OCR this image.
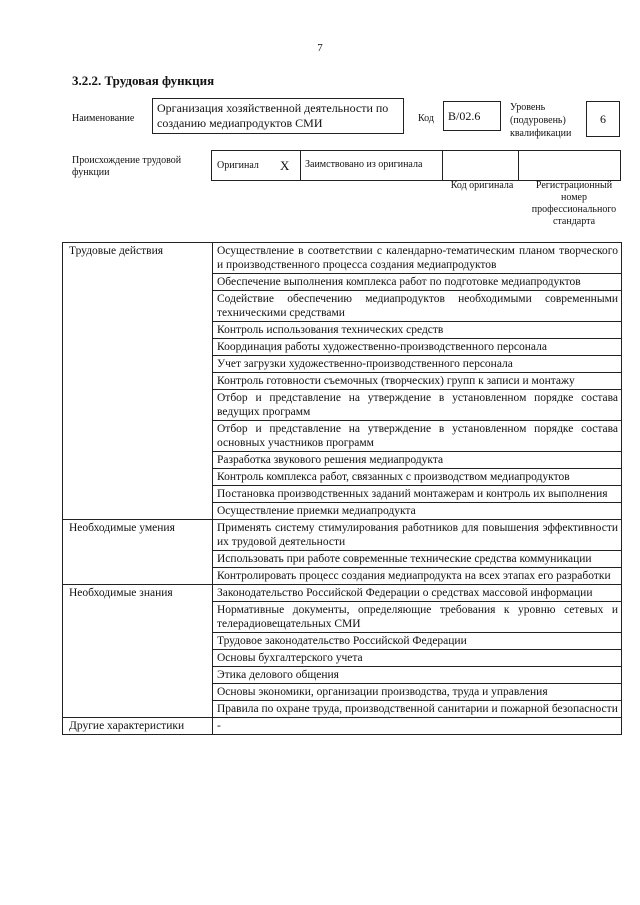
7
3.2.2. Трудовая функция
Наименование
Организация хозяйственной деятельности по созданию медиапродуктов СМИ	Код	B/02.6
Уровень (подуровень) квалификации
6
Происхождение трудовой функции
Оригинал X Заимствовано из оригинала
Код оригинала	Регистрационный номер профессионального стандарта
Трудовые действия	Осуществление в соответствии с календарно-тематическим планом творческого и производственного процесса создания медиапродуктов
	Обеспечение выполнения комплекса работ по подготовке медиапродуктов
	Содействие обеспечению медиапродуктов необходимыми современными техническими средствами
	Контроль использования технических средств
	Координация работы художественно-производственного персонала
	Учет загрузки художественно-производственного персонала
	Контроль готовности съемочных (творческих) групп к записи и монтажу
	Отбор и представление на утверждение в установленном порядке состава ведущих программ
	Отбор и представление на утверждение в установленном порядке состава основных участников программ
	Разработка звукового решения медиапродукта
	Контроль комплекса работ, связанных с производством медиапродуктов
	Постановка производственных заданий монтажерам и контроль их выполнения
	Осуществление приемки медиапродукта
Необходимые умения	Применять систему стимулирования работников для повышения эффективности их трудовой деятельности
	Использовать при работе современные технические средства коммуникации
	Контролировать процесс создания медиапродукта на всех этапах его разработки
Необходимые знания	Законодательство Российской Федерации о средствах массовой информации
	Нормативные документы, определяющие требования к уровню сетевых и телерадиовещательных СМИ
	Трудовое законодательство Российской Федерации
	Основы бухгалтерского учета
	Этика делового общения
	Основы экономики, организации производства, труда и управления
	Правила по охране труда, производственной санитарии и пожарной безопасности
Другие характеристики	-
